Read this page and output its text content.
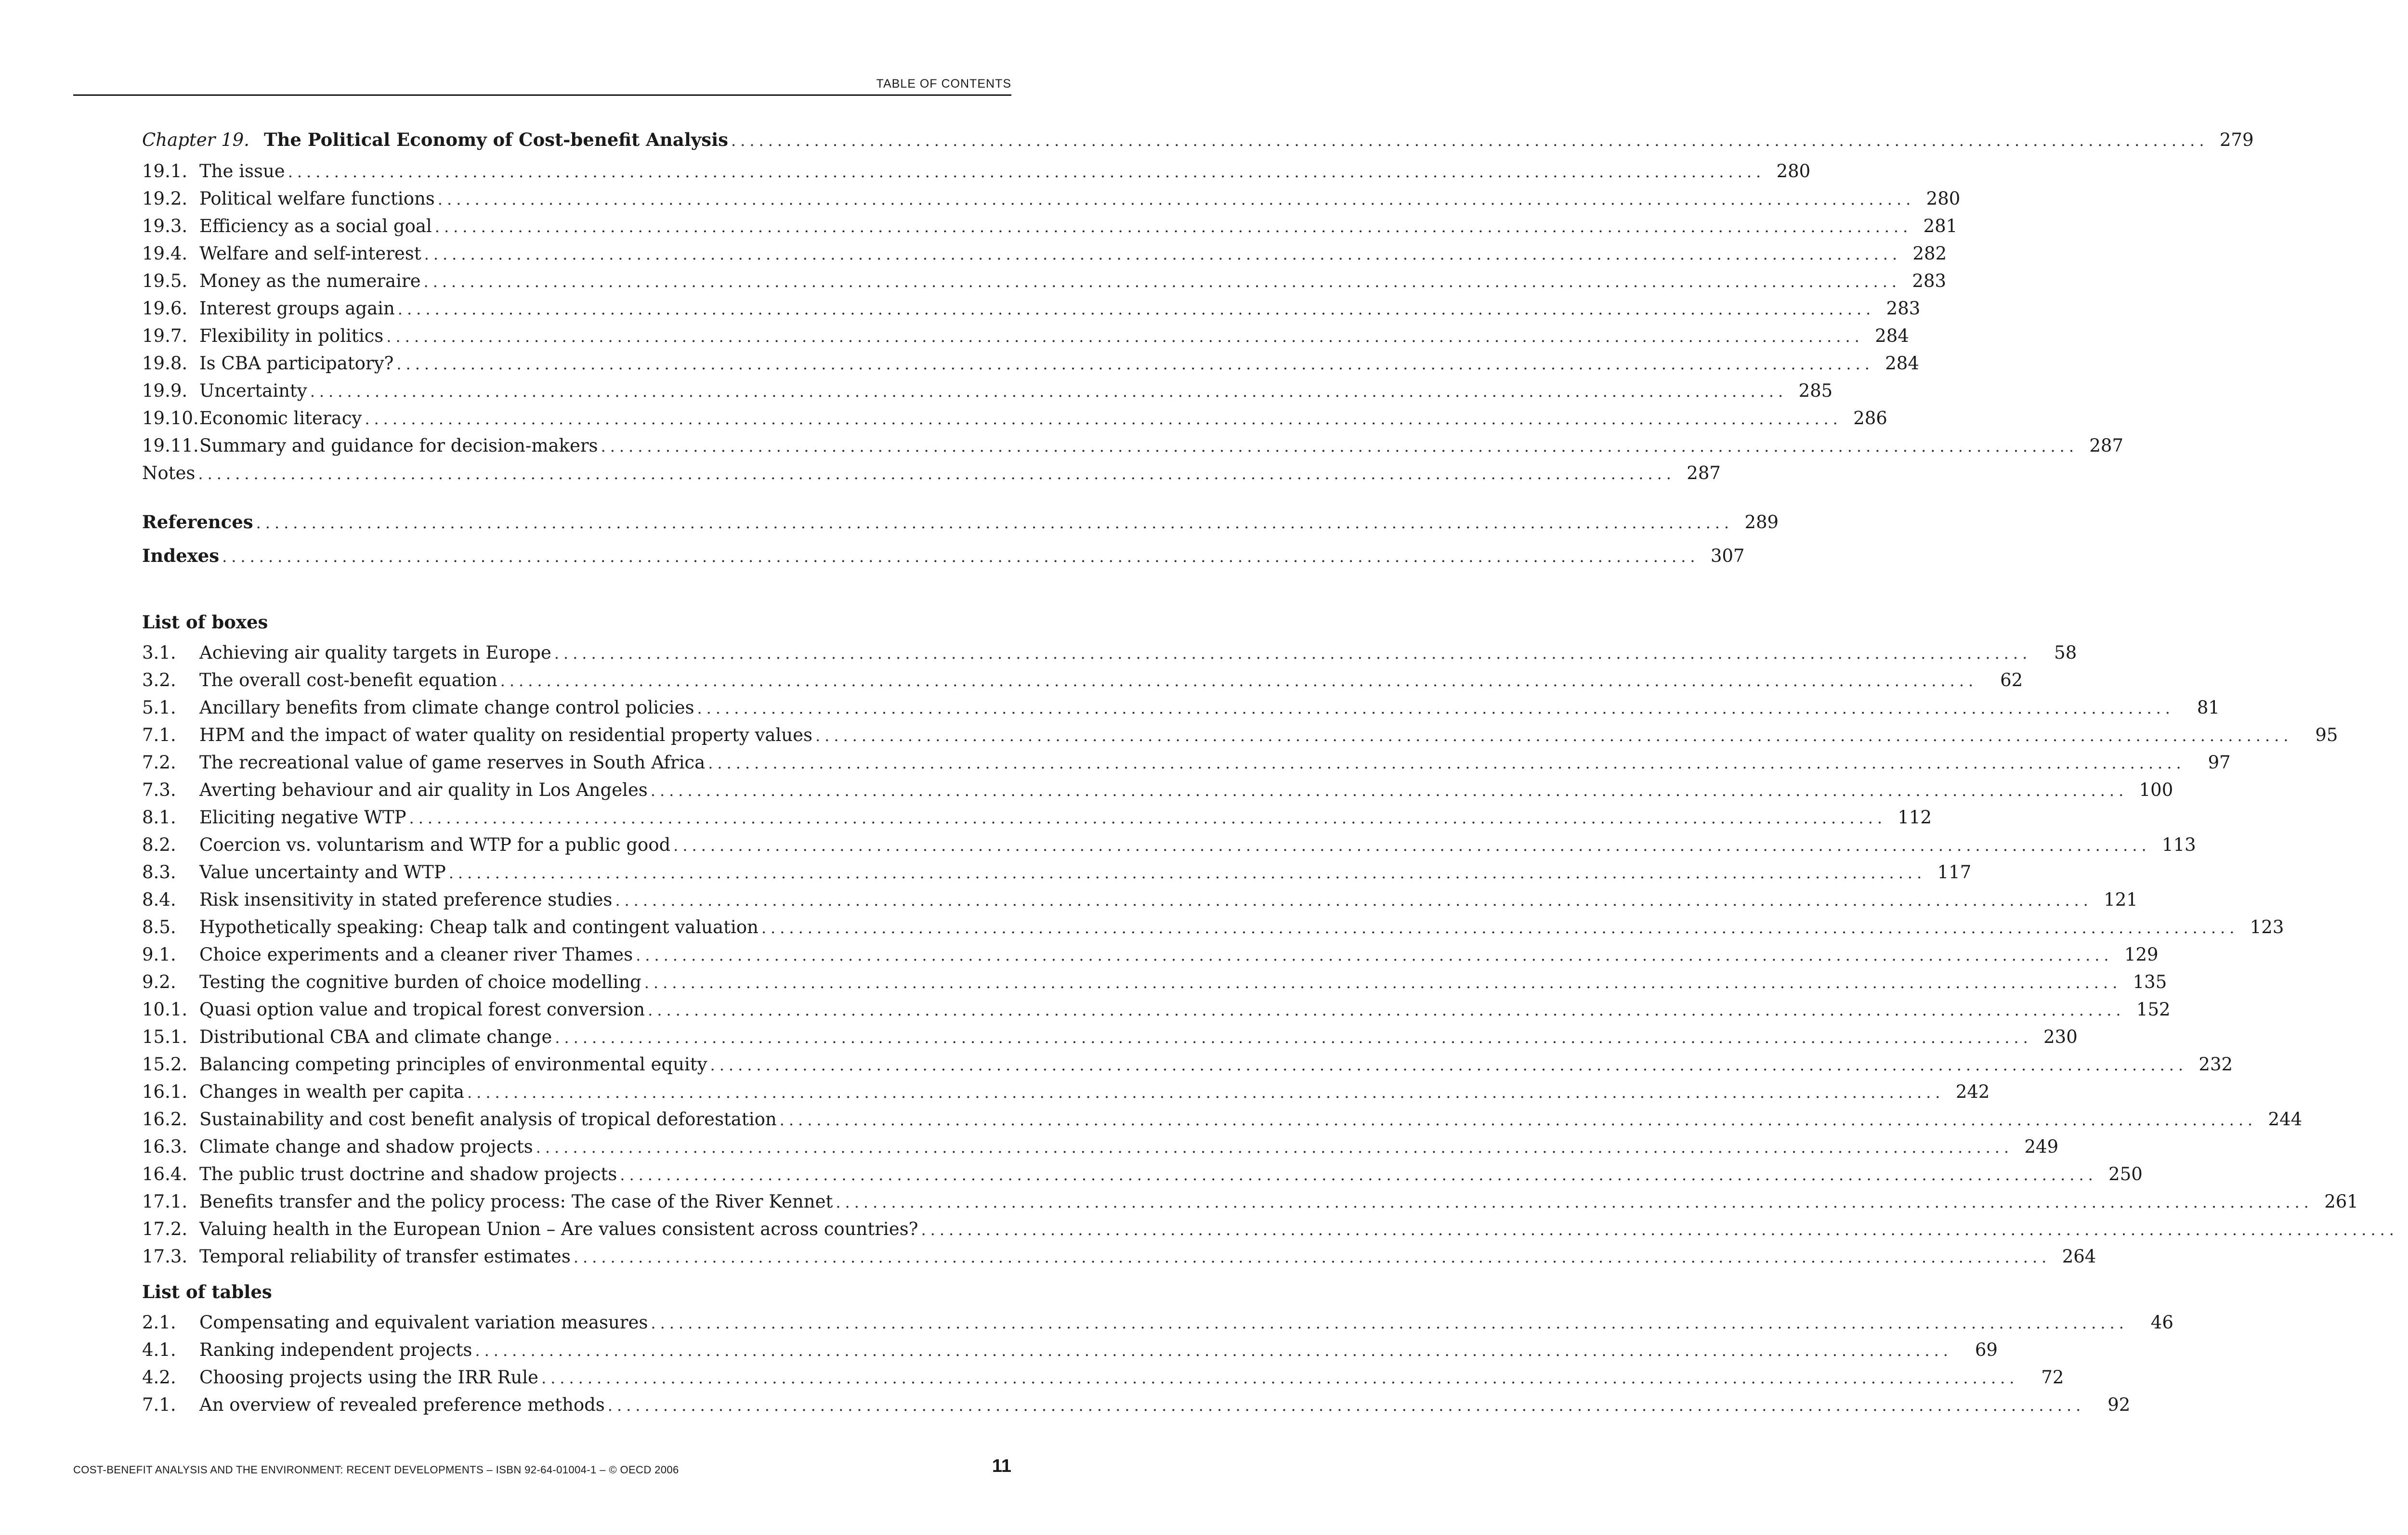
TABLE OF CONTENTS
Chapter 19. The Political Economy of Cost-benefit Analysis ................................................................................................................................................................ 279
19.1. The issue ................................................................................................................................................................ 280
19.2. Political welfare functions ................................................................................................................................................................ 280
19.3. Efficiency as a social goal ................................................................................................................................................................ 281
19.4. Welfare and self-interest ................................................................................................................................................................ 282
19.5. Money as the numeraire ................................................................................................................................................................ 283
19.6. Interest groups again ................................................................................................................................................................ 283
19.7. Flexibility in politics ................................................................................................................................................................ 284
19.8. Is CBA participatory? ................................................................................................................................................................ 284
19.9. Uncertainty ................................................................................................................................................................ 285
19.10. Economic literacy ................................................................................................................................................................ 286
19.11. Summary and guidance for decision-makers ................................................................................................................................................................ 287
Notes ................................................................................................................................................................ 287
References ................................................................................................................................................................ 289
Indexes ................................................................................................................................................................ 307
List of boxes
3.1.	Achieving air quality targets in Europe ................................................................................................................................................................	58
3.2.	The overall cost-benefit equation ................................................................................................................................................................	62
5.1.	Ancillary benefits from climate change control policies ................................................................................................................................................................	81
7.1.	HPM and the impact of water quality on residential property values ................................................................................................................................................................	95
7.2.	The recreational value of game reserves in South Africa ................................................................................................................................................................	97
7.3.	Averting behaviour and air quality in Los Angeles ................................................................................................................................................................ 100
8.1.	Eliciting negative WTP ................................................................................................................................................................ 112
8.2.	Coercion vs. voluntarism and WTP for a public good ................................................................................................................................................................ 113
8.3.	Value uncertainty and WTP ................................................................................................................................................................ 117
8.4.	Risk insensitivity in stated preference studies ................................................................................................................................................................ 121
8.5.	Hypothetically speaking: Cheap talk and contingent valuation ................................................................................................................................................................ 123
9.1.	Choice experiments and a cleaner river Thames ................................................................................................................................................................ 129
9.2.	Testing the cognitive burden of choice modelling ................................................................................................................................................................ 135
10.1. Quasi option value and tropical forest conversion ................................................................................................................................................................ 152
15.1. Distributional CBA and climate change ................................................................................................................................................................ 230
15.2. Balancing competing principles of environmental equity ................................................................................................................................................................ 232
16.1. Changes in wealth per capita ................................................................................................................................................................ 242
16.2. Sustainability and cost benefit analysis of tropical deforestation ................................................................................................................................................................ 244
16.3. Climate change and shadow projects ................................................................................................................................................................ 249
16.4. The public trust doctrine and shadow projects ................................................................................................................................................................ 250
17.1. Benefits transfer and the policy process: The case of the River Kennet ................................................................................................................................................................ 261
17.2. Valuing health in the European Union – Are values consistent across countries? ................................................................................................................................................................
17.3. Temporal reliability of transfer estimates ................................................................................................................................................................ 264
List of tables
2.1.	Compensating and equivalent variation measures ................................................................................................................................................................	46
4.1.	Ranking independent projects ................................................................................................................................................................	69
4.2.	Choosing projects using the IRR Rule ................................................................................................................................................................	72
7.1.	An overview of revealed preference methods ................................................................................................................................................................	92
COST-BENEFIT ANALYSIS AND THE ENVIRONMENT: RECENT DEVELOPMENTS – ISBN 92-64-01004-1 – © OECD 2006	11
